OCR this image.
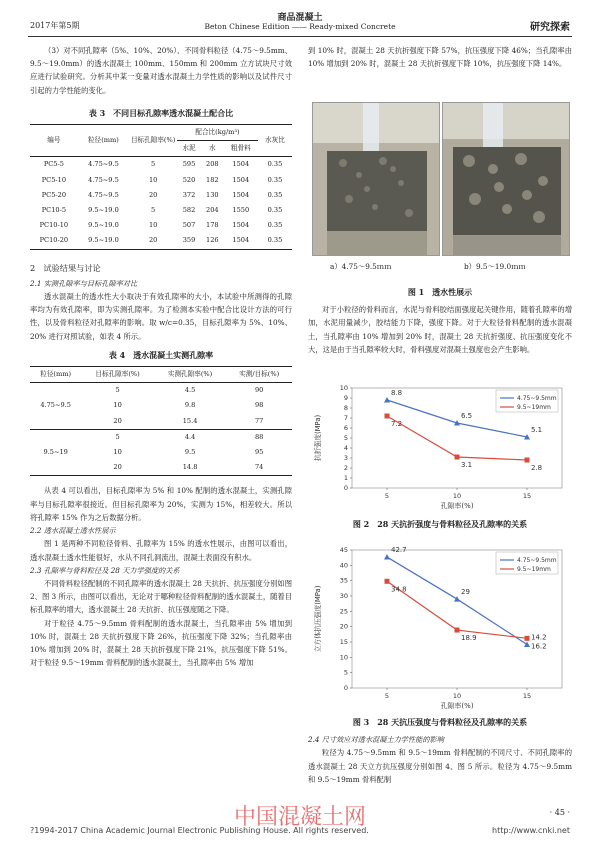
2017年第5期
商品混凝土
Beton Chinese Edition —— Ready-mixed Concrete	研究探索

（3）对不同孔隙率（5%、10%、20%）、不同骨料粒径（4.75～9.5mm、9.5～19.0mm）的透水混凝土 100mm、150mm 和 200mm 立方试块尺寸效应进行试验研究。分析其中某一变量对透水混凝土力学性质的影响以及试件尺寸引起的力学性能的变化。

表 3　不同目标孔隙率透水混凝土配合比
编号	粒径(mm)	目标孔隙率(%)	配合比(kg/m³)			水灰比
			水泥	水	粗骨料	
PC5-5	4.75~9.5	5	595	208	1504	0.35
PC5-10	4.75~9.5	10	520	182	1504	0.35
PC5-20	4.75~9.5	20	372	130	1504	0.35
PC10-5	9.5~19.0	5	582	204	1550	0.35
PC10-10	9.5~19.0	10	507	178	1504	0.35
PC10-20	9.5~19.0	20	359	126	1504	0.35
2　试验结果与讨论
2.1 实测孔隙率与目标孔隙率对比

透水混凝土的透水性大小取决于有效孔隙率的大小，本试验中所测得的孔隙率均为有效孔隙率，即为实测孔隙率。为了检测本实验中配合比设计方法的可行性，以及骨料粒径对孔隙率的影响。取 w/c=0.35，目标孔隙率为 5%、10%、20% 进行对照试验，如表 4 所示。

表 4　透水混凝土实测孔隙率
粒径(mm)	目标孔隙率(%)	实测孔隙率(%)	实测/目标(%)
4.75~9.5	5	4.5	90
	10	9.8	98
	20	15.4	77
9.5~19	5	4.4	88
	10	9.5	95
	20	14.8	74

从表 4 可以看出，目标孔隙率为 5% 和 10% 配制的透水混凝土，实测孔隙率与目标孔隙率很接近。但目标孔隙率为 20%，实测为 15%，相差较大。所以将孔隙率 15% 作为之后数据分析。

2.2 透水混凝土透水性展示

图 1 是两种不同粒径骨料、孔隙率为 15% 的透水性展示，由图可以看出，透水混凝土透水性能很好，水从不同孔洞流出，混凝土表面没有积水。

2.3 孔隙率与骨料粒径及 28 天力学强度的关系

不同骨料粒径配制的不同孔隙率的透水混凝土 28 天抗折、抗压强度分别如图 2、图 3 所示，由图可以看出，无论对于哪种粒径骨料配制的透水混凝土，随着目标孔隙率的增大，透水混凝土 28 天抗折、抗压强度随之下降。

对于粒径 4.75～9.5mm 骨料配制的透水混凝土，当孔隙率由 5% 增加到 10% 时，混凝土 28 天抗折强度下降 26%，抗压强度下降 32%；当孔隙率由 10% 增加到 20% 时，混凝土 28 天抗折强度下降 21%，抗压强度下降 51%。对于粒径 9.5～19mm 骨料配制的透水混凝土，当孔隙率由 5% 增加

到 10% 时，混凝土 28 天抗折强度下降 57%，抗压强度下降 46%；当孔隙率由 10% 增加到 20% 时，混凝土 28 天抗折强度下降 10%，抗压强度下降 14%。

a）4.75～9.5ｍｍ	b）9.5～19.0ｍｍ
图 1　透水性展示

对于小粒径的骨料而言，水泥与骨料胶结面强度起关键作用，随着孔隙率的增加，水泥用量减少，胶结能力下降，强度下降。对于大粒径骨料配制的透水混凝土，当孔隙率由 10% 增加到 20% 时，混凝土 28 天抗折强度、抗压强度变化不大，这是由于当孔隙率较大时，骨料强度对混凝土强度也会产生影响。

0
1
2
3
4
5
6
7
8
9
10
5	10	15
孔隙率(%)
抗折强度(MPa)
8.8
6.5
5.1
7.2
3.1	2.8
4.75~9.5mm
9.5~19mm
图 2　28 天抗折强度与骨料粒径及孔隙率的关系
0
5
10
15
20
25
30
35
40
45
5	10	15
孔隙率(%)
立方体抗压强度(MPa)
42.7
29
14.2
34.8
18.9
16.2
4.75~9.5mm
9.5~19mm
图 3　28 天抗压强度与骨料粒径及孔隙率的关系
2.4 尺寸效应对透水混凝土力学性能的影响

粒径为 4.75～9.5mm 和 9.5～19mm 骨料配制的不同尺寸、不同孔隙率的透水混凝土 28 天立方抗压强度分别如图 4、图 5 所示。粒径为 4.75～9.5mm 和 9.5～19mm 骨料配制

· 45 ·
中国混凝土网
?1994-2017 China Academic Journal Electronic Publishing House. All rights reserved.	http://www.cnki.net
